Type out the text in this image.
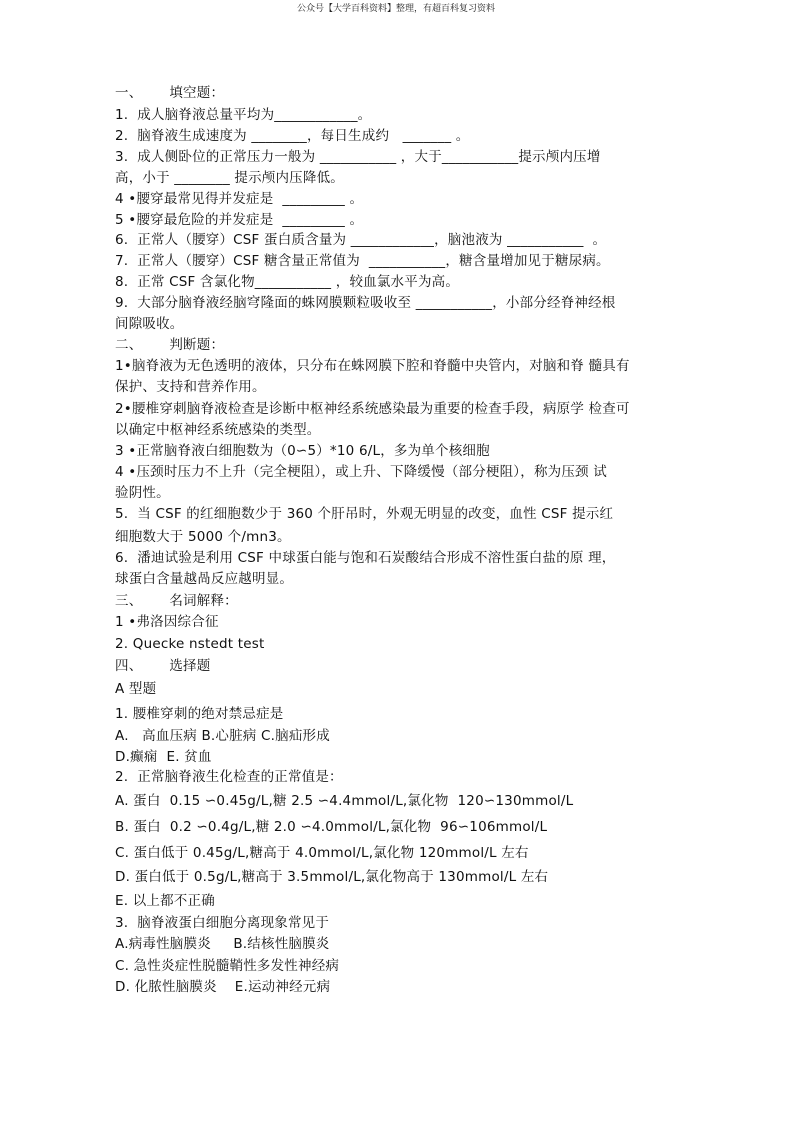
公众号【大学百科资料】整理，有超百科复习资料
一、      填空题：
1.  成人脑脊液总量平均为____________。
2.  脑脊液生成速度为 ________，每日生成约   _______ 。
3.  成人侧卧位的正常压力一般为 ___________ ，大于___________提示颅内压增
高，小于 ________ 提示颅内压降低。
4 •腰穿最常见得并发症是  _________ 。
5 •腰穿最危险的并发症是  _________ 。
6.  正常人（腰穿）CSF 蛋白质含量为 ____________，脑池液为 ___________  。
7.  正常人（腰穿）CSF 糖含量正常值为  ___________，糖含量增加见于糖尿病。
8.  正常 CSF 含氯化物___________ ，较血氯水平为高。
9.  大部分脑脊液经脑穹隆面的蛛网膜颗粒吸收至 ___________，小部分经脊神经根
间隙吸收。
二、      判断题：
1•脑脊液为无色透明的液体，只分布在蛛网膜下腔和脊髓中央管内，对脑和脊 髓具有
保护、支持和营养作用。
2•腰椎穿刺脑脊液检查是诊断中枢神经系统感染最为重要的检查手段，病原学 检查可
以确定中枢神经系统感染的类型。
3 •正常脑脊液白细胞数为（0∽5）*10 6/L，多为单个核细胞
4 •压颈时压力不上升（完全梗阻），或上升、下降缓慢（部分梗阻），称为压颈 试
验阴性。
5.  当 CSF 的红细胞数少于 360 个肝吊时，外观无明显的改变，血性 CSF 提示红
细胞数大于 5000 个/mn3。
6.  潘迪试验是利用 CSF 中球蛋白能与饱和石炭酸结合形成不溶性蛋白盐的原 理，
球蛋白含量越咼反应越明显。
三、      名词解释：
1 •弗洛因综合征
2. Quecke nstedt test
四、      选择题
A 型题
1. 腰椎穿刺的绝对禁忌症是
A.   高血压病 B.心脏病 C.脑疝形成
D.癫痫  E. 贫血
2.  正常脑脊液生化检查的正常值是：
A. 蛋白  0.15 ∽0.45g/L,糖 2.5 ∽4.4mmol/L,氯化物  120∽130mmol/L
B. 蛋白  0.2 ∽0.4g/L,糖 2.0 ∽4.0mmol/L,氯化物  96∽106mmol/L
C. 蛋白低于 0.45g/L,糖高于 4.0mmol/L,氯化物 120mmol/L 左右
D. 蛋白低于 0.5g/L,糖高于 3.5mmol/L,氯化物高于 130mmol/L 左右
E. 以上都不正确
3.  脑脊液蛋白细胞分离现象常见于
A.病毒性脑膜炎     B.结核性脑膜炎
C. 急性炎症性脱髓鞘性多发性神经病
D. 化脓性脑膜炎    E.运动神经元病
